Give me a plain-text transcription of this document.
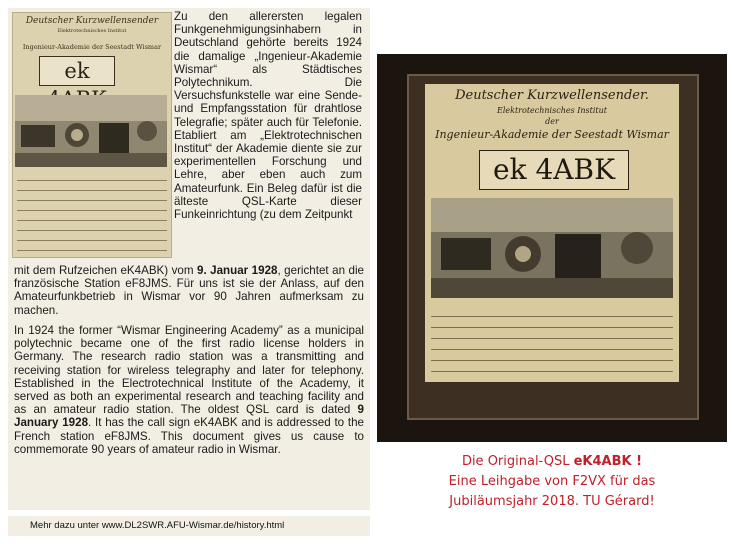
Deutscher Kurzwellensender
Elektrotechnisches Institut
Ingenieur-Akademie der Seestadt Wismar
ek
Zu den allerersten legalen Funkgenehmigungsinhabern in Deutschland gehörte bereits 1924 die damalige „Ingenieur-Akademie Wismar“ als Städtisches Polytechnikum. Die Versuchsfunkstelle war eine Sende- und Empfangsstation für drahtlose Telegrafie; später auch für Telefonie. Etabliert am „Elektrotechnischen Institut“ der Akademie diente sie zur experimentellen Forschung und Lehre, aber eben auch zum Amateurfunk. Ein Beleg dafür ist die älteste QSL-Karte dieser Funkeinrichtung (zu dem Zeitpunkt
mit dem Rufzeichen eK4ABK) vom 9. Januar 1928, gerichtet an die französische Station eF8JMS. Für uns ist sie der Anlass, auf den Amateurfunkbetrieb in Wismar vor 90 Jahren aufmerksam zu machen.
In 1924 the former “Wismar Engineering Academy” as a municipal polytechnic became one of the first radio license holders in Germany. The research radio station was a transmitting and receiving station for wireless telegraphy and later for telephony. Established in the Electrotechnical Institute of the Academy, it served as both an experimental research and teaching facility and as an amateur radio station. The oldest QSL card is dated 9 January 1928. It has the call sign eK4ABK and is addressed to the French station eF8JMS. This document gives us cause to commemorate 90 years of amateur radio in Wismar.
Mehr dazu unter www.DL2SWR.AFU-Wismar.de/history.html
Deutscher Kurzwellensender.
Elektrotechnisches Institut
der
Ingenieur-Akademie der Seestadt Wismar
ek 4ABK
Die Original-QSL eK4ABK !
Eine Leihgabe von F2VX für das
Jubiläumsjahr 2018. TU Gérard!
